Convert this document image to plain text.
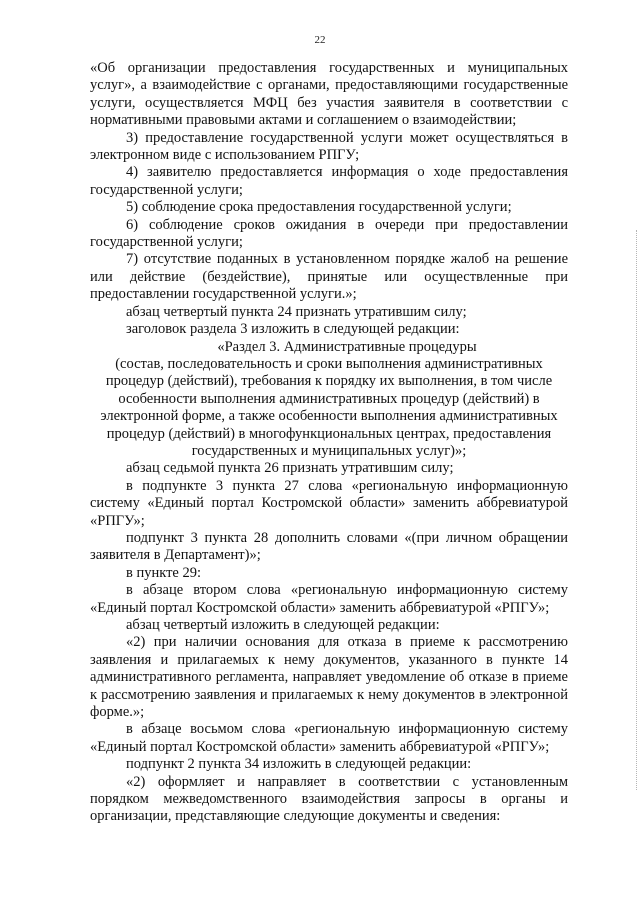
22

«Об организации предоставления государственных и муниципальных услуг», а взаимодействие с органами, предоставляющими государственные услуги, осуществляется МФЦ без участия заявителя в соответствии с нормативными правовыми актами и соглашением о взаимодействии;

3) предоставление государственной услуги может осуществляться в электронном виде с использованием РПГУ;

4) заявителю предоставляется информация о ходе предоставления государственной услуги;

5) соблюдение срока предоставления государственной услуги;

6) соблюдение сроков ожидания в очереди при предоставлении государственной услуги;

7) отсутствие поданных в установленном порядке жалоб на решение или действие (бездействие), принятые или осуществленные при предоставлении государственной услуги.»;

абзац четвертый пункта 24 признать утратившим силу;

заголовок раздела 3 изложить в следующей редакции:

«Раздел 3. Административные процедуры

(состав, последовательность и сроки выполнения административных процедур (действий), требования к порядку их выполнения, в том числе особенности выполнения административных процедур (действий) в электронной форме, а также особенности выполнения административных процедур (действий) в многофункциональных центрах, предоставления государственных и муниципальных услуг)»;

абзац седьмой пункта 26 признать утратившим силу;

в подпункте 3 пункта 27 слова «региональную информационную систему «Единый портал Костромской области» заменить аббревиатурой «РПГУ»;

подпункт 3 пункта 28 дополнить словами «(при личном обращении заявителя в Департамент)»;

в пункте 29:

в абзаце втором слова «региональную информационную систему «Единый портал Костромской области» заменить аббревиатурой «РПГУ»;

абзац четвертый изложить в следующей редакции:

«2) при наличии основания для отказа в приеме к рассмотрению заявления и прилагаемых к нему документов, указанного в пункте 14 административного регламента, направляет уведомление об отказе в приеме к рассмотрению заявления и прилагаемых к нему документов в электронной форме.»;

в абзаце восьмом слова «региональную информационную систему «Единый портал Костромской области» заменить аббревиатурой «РПГУ»;

подпункт 2 пункта 34 изложить в следующей редакции:

«2) оформляет и направляет в соответствии с установленным порядком межведомственного взаимодействия запросы в органы и организации, представляющие следующие документы и сведения:
